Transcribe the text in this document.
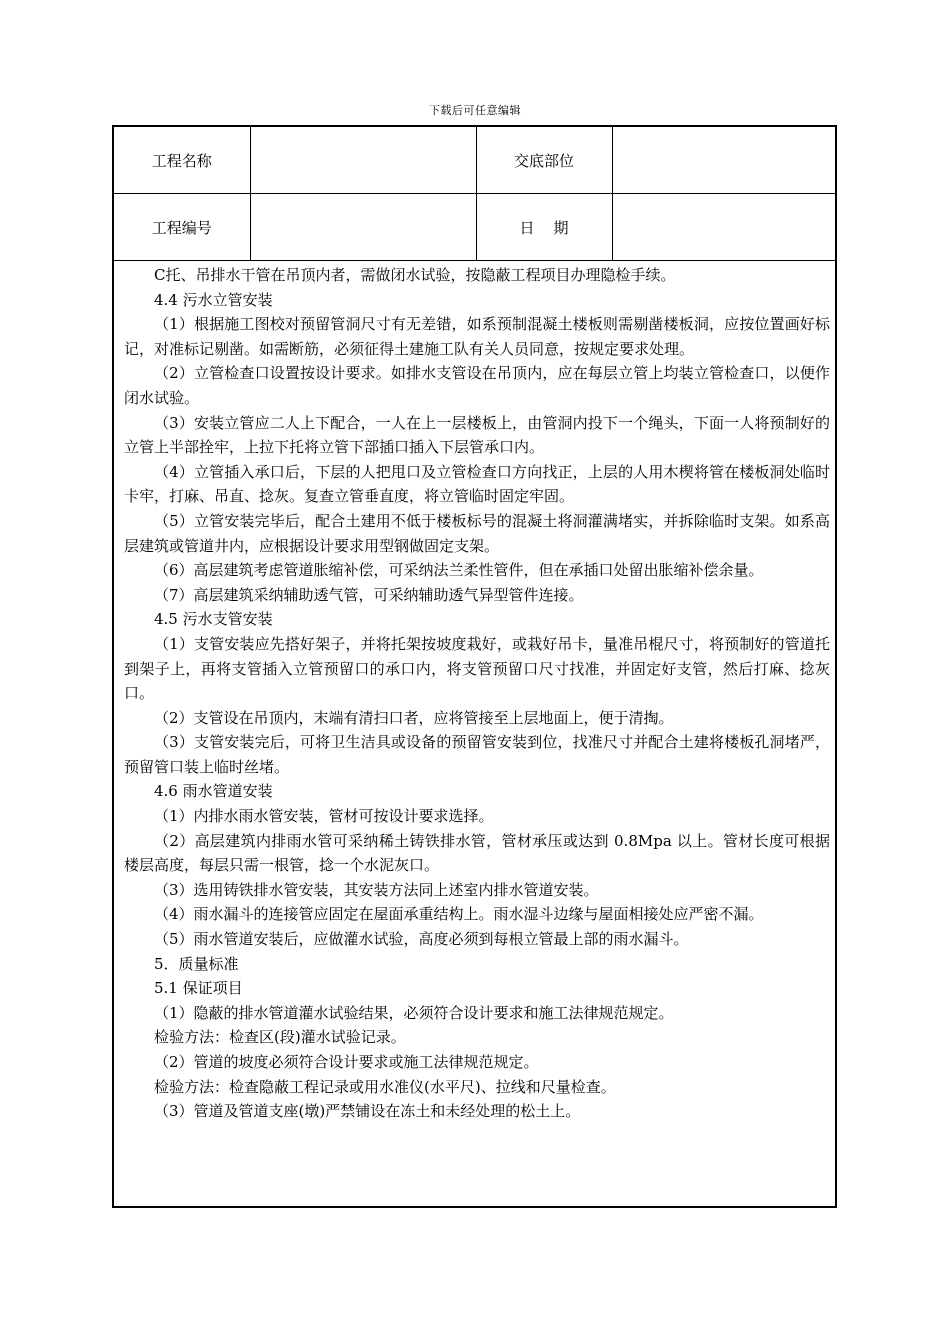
下载后可任意编辑
工程名称		交底部位	
工程编号		日    期	

C托、吊排水干管在吊顶内者，需做闭水试验，按隐蔽工程项目办理隐检手续。

4.4 污水立管安装

（1）根据施工图校对预留管洞尺寸有无差错，如系预制混凝土楼板则需剔凿楼板洞，应按位置画好标记，对准标记剔凿。如需断筋，必须征得土建施工队有关人员同意，按规定要求处理。

（2）立管检查口设置按设计要求。如排水支管设在吊顶内，应在每层立管上均装立管检查口，以便作闭水试验。

（3）安装立管应二人上下配合，一人在上一层楼板上，由管洞内投下一个绳头，下面一人将预制好的立管上半部拴牢，上拉下托将立管下部插口插入下层管承口内。

（4）立管插入承口后，下层的人把甩口及立管检查口方向找正，上层的人用木楔将管在楼板洞处临时卡牢，打麻、吊直、捻灰。复查立管垂直度，将立管临时固定牢固。

（5）立管安装完毕后，配合土建用不低于楼板标号的混凝土将洞灌满堵实，并拆除临时支架。如系高层建筑或管道井内，应根据设计要求用型钢做固定支架。

（6）高层建筑考虑管道胀缩补偿，可采纳法兰柔性管件，但在承插口处留出胀缩补偿余量。

（7）高层建筑采纳辅助透气管，可采纳辅助透气异型管件连接。

4.5 污水支管安装

（1）支管安装应先搭好架子，并将托架按坡度栽好，或栽好吊卡，量准吊棍尺寸，将预制好的管道托到架子上，再将支管插入立管预留口的承口内，将支管预留口尺寸找准，并固定好支管，然后打麻、捻灰口。

（2）支管设在吊顶内，末端有清扫口者，应将管接至上层地面上，便于清掏。

（3）支管安装完后，可将卫生洁具或设备的预留管安装到位，找准尺寸并配合土建将楼板孔洞堵严，预留管口装上临时丝堵。

4.6 雨水管道安装

（1）内排水雨水管安装，管材可按设计要求选择。

（2）高层建筑内排雨水管可采纳稀土铸铁排水管，管材承压或达到 0.8Mpa 以上。管材长度可根据楼层高度，每层只需一根管，捻一个水泥灰口。

（3）选用铸铁排水管安装，其安装方法同上述室内排水管道安装。

（4）雨水漏斗的连接管应固定在屋面承重结构上。雨水湿斗边缘与屋面相接处应严密不漏。

（5）雨水管道安装后，应做灌水试验，高度必须到每根立管最上部的雨水漏斗。

5．质量标准

5.1 保证项目

（1）隐蔽的排水管道灌水试验结果，必须符合设计要求和施工法律规范规定。

检验方法：检查区(段)灌水试验记录。

（2）管道的坡度必须符合设计要求或施工法律规范规定。

检验方法：检查隐蔽工程记录或用水准仪(水平尺)、拉线和尺量检查。

（3）管道及管道支座(墩)严禁铺设在冻土和未经处理的松土上。
